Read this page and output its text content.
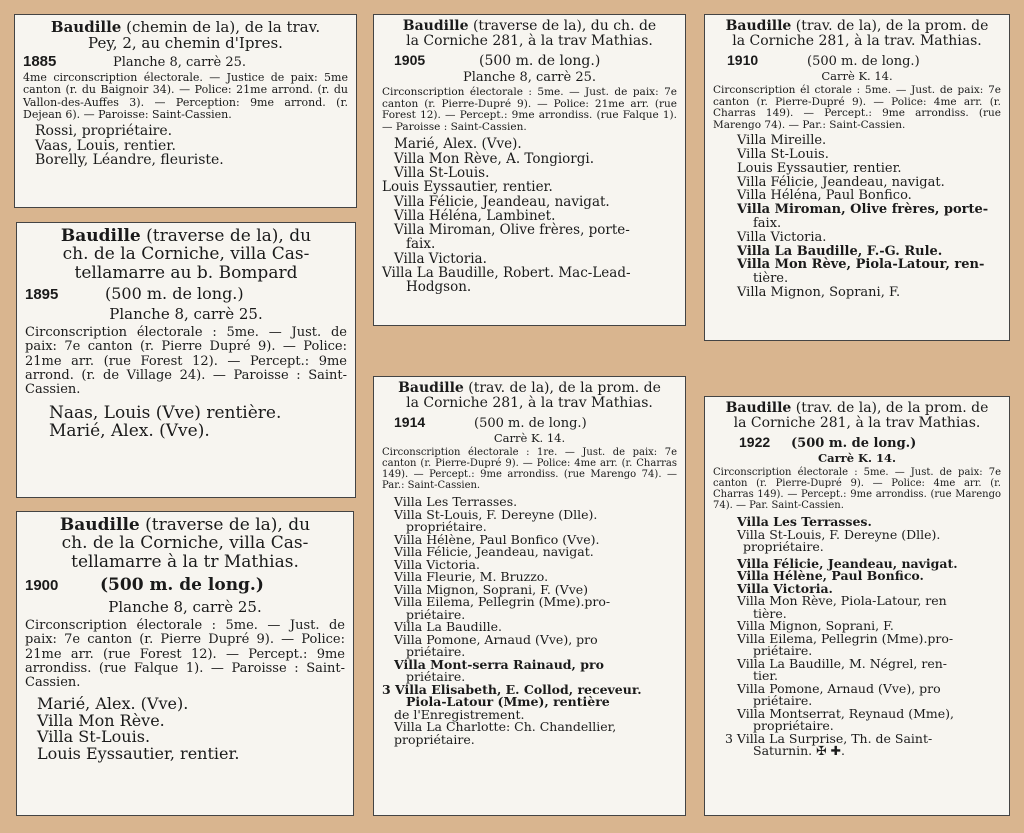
Baudille (chemin de la), de la trav.

Pey, 2, au chemin d'Ipres.

1885	Planche 8, carrè 25.

4me circonscription électorale. — Justice de paix: 5me canton (r. du Baignoir 34). — Police: 21me arrond. (r. du Vallon-des-Auffes 3). — Perception: 9me arrond. (r. Dejean 6). — Paroisse: Saint-Cassien.

Rossi, propriétaire.

Vaas, Louis, rentier.

Borelly, Léandre, fleuriste.

Baudille (traverse de la), du

ch. de la Corniche, villa Cas-

tellamarre au b. Bompard

1895	(500 m. de long.)

Planche 8, carrè 25.

Circonscription électorale : 5me. — Just. de paix: 7e canton (r. Pierre Dupré 9). — Police: 21me arr. (rue Forest 12). — Percept.: 9me arrond. (r. de Village 24). — Paroisse : Saint-Cassien.

Naas, Louis (Vve) rentière.

Marié, Alex. (Vve).

Baudille (traverse de la), du

ch. de la Corniche, villa Cas-

tellamarre à la tr Mathias.

1900	(500 m. de long.)

Planche 8, carrè 25.

Circonscription électorale : 5me. — Just. de paix: 7e canton (r. Pierre Dupré 9). — Police: 21me arr. (rue Forest 12). — Percept.: 9me arrondiss. (rue Falque 1). — Paroisse : Saint-Cassien.

Marié, Alex. (Vve).

Villa Mon Rève.

Villa St-Louis.

Louis Eyssautier, rentier.

Baudille (traverse de la), du ch. de

la Corniche 281, à la trav Mathias.

1905	(500 m. de long.)

Planche 8, carrè 25.

Circonscription électorale : 5me. — Just. de paix: 7e canton (r. Pierre-Dupré 9). — Police: 21me arr. (rue Forest 12). — Percept.: 9me arrondiss. (rue Falque 1). — Paroisse : Saint-Cassien.

Marié, Alex. (Vve).

Villa Mon Rève, A. Tongiorgi.

Villa St-Louis.

Louis Eyssautier, rentier.

Villa Félicie, Jeandeau, navigat.

Villa Héléna, Lambinet.

Villa Miroman, Olive frères, porte-

faix.

Villa Victoria.

Villa La Baudille, Robert. Mac-Lead-

Hodgson.

Baudille (trav. de la), de la prom. de

la Corniche 281, à la trav. Mathias.

1910	(500 m. de long.)

Carrè K. 14.

Circonscription él ctorale : 5me. — Just. de paix: 7e canton (r. Pierre-Dupré 9). — Police: 4me arr. (r. Charras 149). — Percept.: 9me arrondiss. (rue Marengo 74). — Par.: Saint-Cassien.

Villa Mireille.

Villa St-Louis.

Louis Eyssautier, rentier.

Villa Félicie, Jeandeau, navigat.

Villa Héléna, Paul Bonfico.

Villa Miroman, Olive frères, porte-

faix.

Villa Victoria.

Villa La Baudille, F.-G. Rule.

Villa Mon Rève, Piola-Latour, ren-

tière.

Villa Mignon, Soprani, F.

Baudille (trav. de la), de la prom. de

la Corniche 281, à la trav Mathias.

1914	(500 m. de long.)

Carrè K. 14.

Circonscription électorale : 1re. — Just. de paix: 7e canton (r. Pierre-Dupré 9). — Police: 4me arr. (r. Charras 149). — Percept.: 9me arrondiss. (rue Marengo 74). — Par.: Saint-Cassien.

Villa Les Terrasses.

Villa St-Louis, F. Dereyne (Dlle).

propriétaire.

Villa Hélène, Paul Bonfico (Vve).

Villa Félicie, Jeandeau, navigat.

Villa Victoria.

Villa Fleurie, M. Bruzzo.

Villa Mignon, Soprani, F. (Vve)

Villa Eilema, Pellegrin (Mme).pro-

priétaire.

Villa La Baudille.

Villa Pomone, Arnaud (Vve), pro

priétaire.

Villa Mont-serra Rainaud, pro

priétaire.

3 Villa Elisabeth, E. Collod, receveur.

Piola-Latour (Mme), rentière

de l'Enregistrement.

Villa La Charlotte: Ch. Chandellier,

propriétaire.

Baudille (trav. de la), de la prom. de

la Corniche 281, à la trav Mathias.

1922	(500 m. de long.)

Carrè K. 14.

Circonscription électorale : 5me. — Just. de paix: 7e canton (r. Pierre-Dupré 9). — Police: 4me arr. (r. Charras 149). — Percept.: 9me arrondiss. (rue Marengo 74). — Par. Saint-Cassien.

Villa Les Terrasses.

Villa St-Louis, F. Dereyne (Dlle).

propriétaire.

Villa Félicie, Jeandeau, navigat.

Villa Hélène, Paul Bonfico.

Villa Victoria.

Villa Mon Rève, Piola-Latour, ren

tière.

Villa Mignon, Soprani, F.

Villa Eilema, Pellegrin (Mme).pro-

priétaire.

Villa La Baudille, M. Négrel, ren-

tier.

Villa Pomone, Arnaud (Vve), pro

priétaire.

Villa Montserrat, Reynaud (Mme),

propriétaire.

3 Villa La Surprise, Th. de Saint-

Saturnin. ✠ ✚.
